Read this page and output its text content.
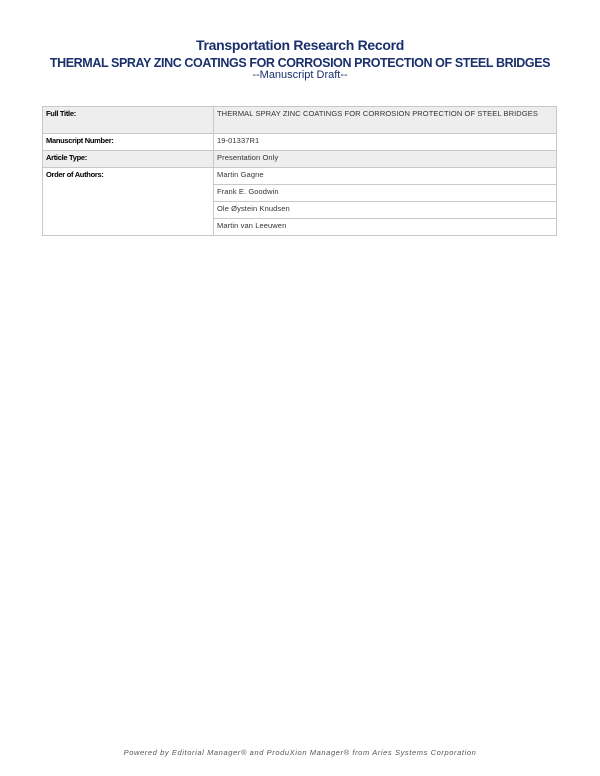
Transportation Research Record
THERMAL SPRAY ZINC COATINGS FOR CORROSION PROTECTION OF STEEL BRIDGES
--Manuscript Draft--
Full Title:	THERMAL SPRAY ZINC COATINGS FOR CORROSION PROTECTION OF STEEL BRIDGES
Manuscript Number:	19-01337R1
Article Type:	Presentation Only
Order of Authors:	Martin Gagne
	Frank E. Goodwin
	Ole Øystein Knudsen
	Martin van Leeuwen
Powered by Editorial Manager® and ProduXion Manager® from Aries Systems Corporation
